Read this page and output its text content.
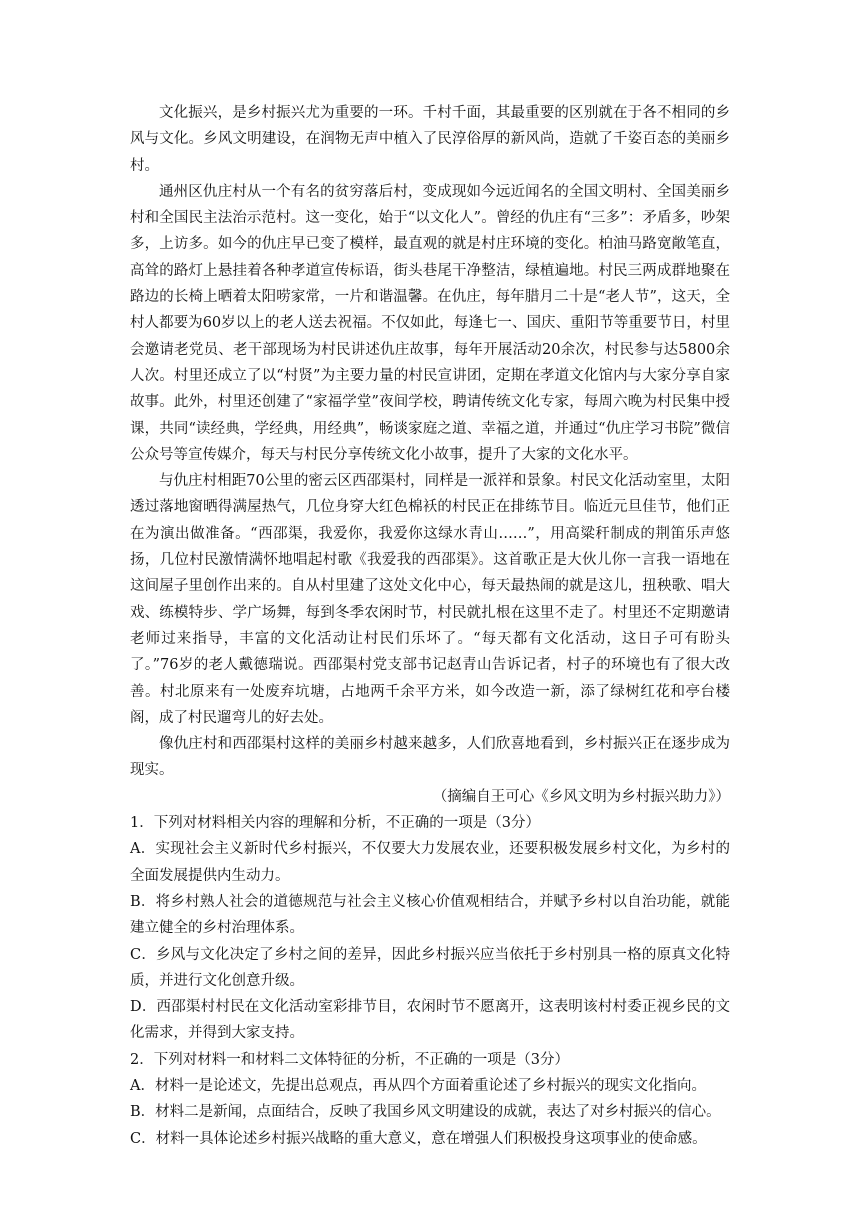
文化振兴，是乡村振兴尤为重要的一环。千村千面，其最重要的区别就在于各不相同的乡风与文化。乡风文明建设，在润物无声中植入了民淳俗厚的新风尚，造就了千姿百态的美丽乡村。

通州区仇庄村从一个有名的贫穷落后村，变成现如今远近闻名的全国文明村、全国美丽乡村和全国民主法治示范村。这一变化，始于“以文化人”。曾经的仇庄有“三多”：矛盾多，吵架多，上访多。如今的仇庄早已变了模样，最直观的就是村庄环境的变化。柏油马路宽敞笔直，高耸的路灯上悬挂着各种孝道宣传标语，街头巷尾干净整洁，绿植遍地。村民三两成群地聚在路边的长椅上晒着太阳唠家常，一片和谐温馨。在仇庄，每年腊月二十是“老人节”，这天，全村人都要为60岁以上的老人送去祝福。不仅如此，每逢七一、国庆、重阳节等重要节日，村里会邀请老党员、老干部现场为村民讲述仇庄故事，每年开展活动20余次，村民参与达5800余人次。村里还成立了以“村贤”为主要力量的村民宣讲团，定期在孝道文化馆内与大家分享自家故事。此外，村里还创建了“家福学堂”夜间学校，聘请传统文化专家，每周六晚为村民集中授课，共同“读经典，学经典，用经典”，畅谈家庭之道、幸福之道，并通过“仇庄学习书院”微信公众号等宣传媒介，每天与村民分享传统文化小故事，提升了大家的文化水平。

与仇庄村相距70公里的密云区西邵渠村，同样是一派祥和景象。村民文化活动室里，太阳透过落地窗晒得满屋热气，几位身穿大红色棉袄的村民正在排练节目。临近元旦佳节，他们正在为演出做准备。“西邵渠，我爱你，我爱你这绿水青山……”，用高粱秆制成的荆笛乐声悠扬，几位村民激情满怀地唱起村歌《我爱我的西邵渠》。这首歌正是大伙儿你一言我一语地在这间屋子里创作出来的。自从村里建了这处文化中心，每天最热闹的就是这儿，扭秧歌、唱大戏、练模特步、学广场舞，每到冬季农闲时节，村民就扎根在这里不走了。村里还不定期邀请老师过来指导，丰富的文化活动让村民们乐坏了。“每天都有文化活动，这日子可有盼头了。”76岁的老人戴德瑞说。西邵渠村党支部书记赵青山告诉记者，村子的环境也有了很大改善。村北原来有一处废弃坑塘，占地两千余平方米，如今改造一新，添了绿树红花和亭台楼阁，成了村民遛弯儿的好去处。

像仇庄村和西邵渠村这样的美丽乡村越来越多，人们欣喜地看到，乡村振兴正在逐步成为现实。

（摘编自王可心《乡风文明为乡村振兴助力》）

1．下列对材料相关内容的理解和分析，不正确的一项是（3分）

A．实现社会主义新时代乡村振兴，不仅要大力发展农业，还要积极发展乡村文化，为乡村的全面发展提供内生动力。

B．将乡村熟人社会的道德规范与社会主义核心价值观相结合，并赋予乡村以自治功能，就能建立健全的乡村治理体系。

C．乡风与文化决定了乡村之间的差异，因此乡村振兴应当依托于乡村别具一格的原真文化特质，并进行文化创意升级。

D．西邵渠村村民在文化活动室彩排节目，农闲时节不愿离开，这表明该村村委正视乡民的文化需求，并得到大家支持。

2．下列对材料一和材料二文体特征的分析，不正确的一项是（3分）

A．材料一是论述文，先提出总观点，再从四个方面着重论述了乡村振兴的现实文化指向。

B．材料二是新闻，点面结合，反映了我国乡风文明建设的成就，表达了对乡村振兴的信心。

C．材料一具体论述乡村振兴战略的重大意义，意在增强人们积极投身这项事业的使命感。
